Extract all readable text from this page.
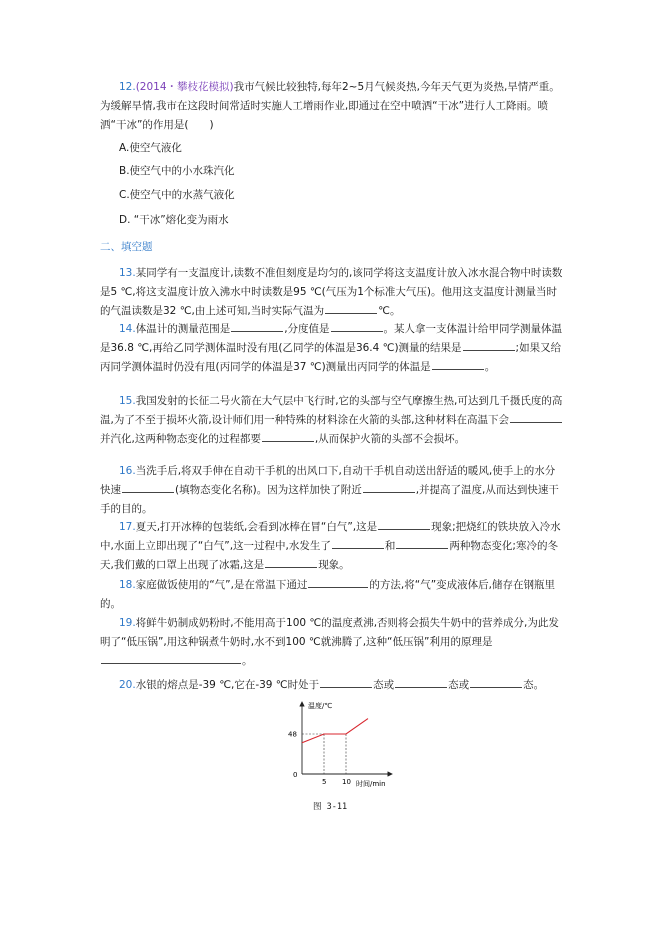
12.(2014・攀枝花模拟)我市气候比较独特,每年2~5月气候炎热,今年天气更为炎热,旱情严重。为缓解旱情,我市在这段时间常适时实施人工增雨作业,即通过在空中喷洒“干冰”进行人工降雨。喷洒“干冰”的作用是(　　)

A.使空气液化
B.使空气中的小水珠汽化
C.使空气中的水蒸气液化
D. “干冰”熔化变为雨水
二、填空题

13.某同学有一支温度计,读数不准但刻度是均匀的,该同学将这支温度计放入冰水混合物中时读数是5 ℃,将这支温度计放入沸水中时读数是95 ℃(气压为1个标准大气压)。他用这支温度计测量当时的气温读数是32 ℃,由上述可知,当时实际气温为	℃。

14.体温计的测量范围是	,分度值是	。某人拿一支体温计给甲同学测量体温是36.8 ℃,再给乙同学测体温时没有甩(乙同学的体温是36.4 ℃)测量的结果是	;如果又给丙同学测体温时仍没有甩(丙同学的体温是37 ℃)测量出丙同学的体温是	。

15.我国发射的长征二号火箭在大气层中飞行时,它的头部与空气摩擦生热,可达到几千摄氏度的高温,为了不至于损坏火箭,设计师们用一种特殊的材料涂在火箭的头部,这种材料在高温下会并汽化,这两种物态变化的过程都要	,从而保护火箭的头部不会损坏。

16.当洗手后,将双手伸在自动干手机的出风口下,自动干手机自动送出舒适的暖风,使手上的水分快速	(填物态变化名称)。因为这样加快了附近	,并提高了温度,从而达到快速干手的目的。

17.夏天,打开冰棒的包装纸,会看到冰棒在冒“白气”,这是	现象;把烧红的铁块放入冷水中,水面上立即出现了“白气”,这一过程中,水发生了	和	两种物态变化;寒冷的冬天,我们戴的口罩上出现了冰霜,这是	现象。

18.家庭做饭使用的“气”,是在常温下通过	的方法,将“气”变成液体后,储存在钢瓶里的。

19.将鲜牛奶制成奶粉时,不能用高于100 ℃的温度煮沸,否则将会损失牛奶中的营养成分,为此发明了“低压锅”,用这种锅煮牛奶时,水不到100 ℃就沸腾了,这种“低压锅”利用的原理是。

20.水银的熔点是-39 ℃,它在-39 ℃时处于	态或	态或	态。

温度/℃
时间/min
0
48
5 10
图 3-11
